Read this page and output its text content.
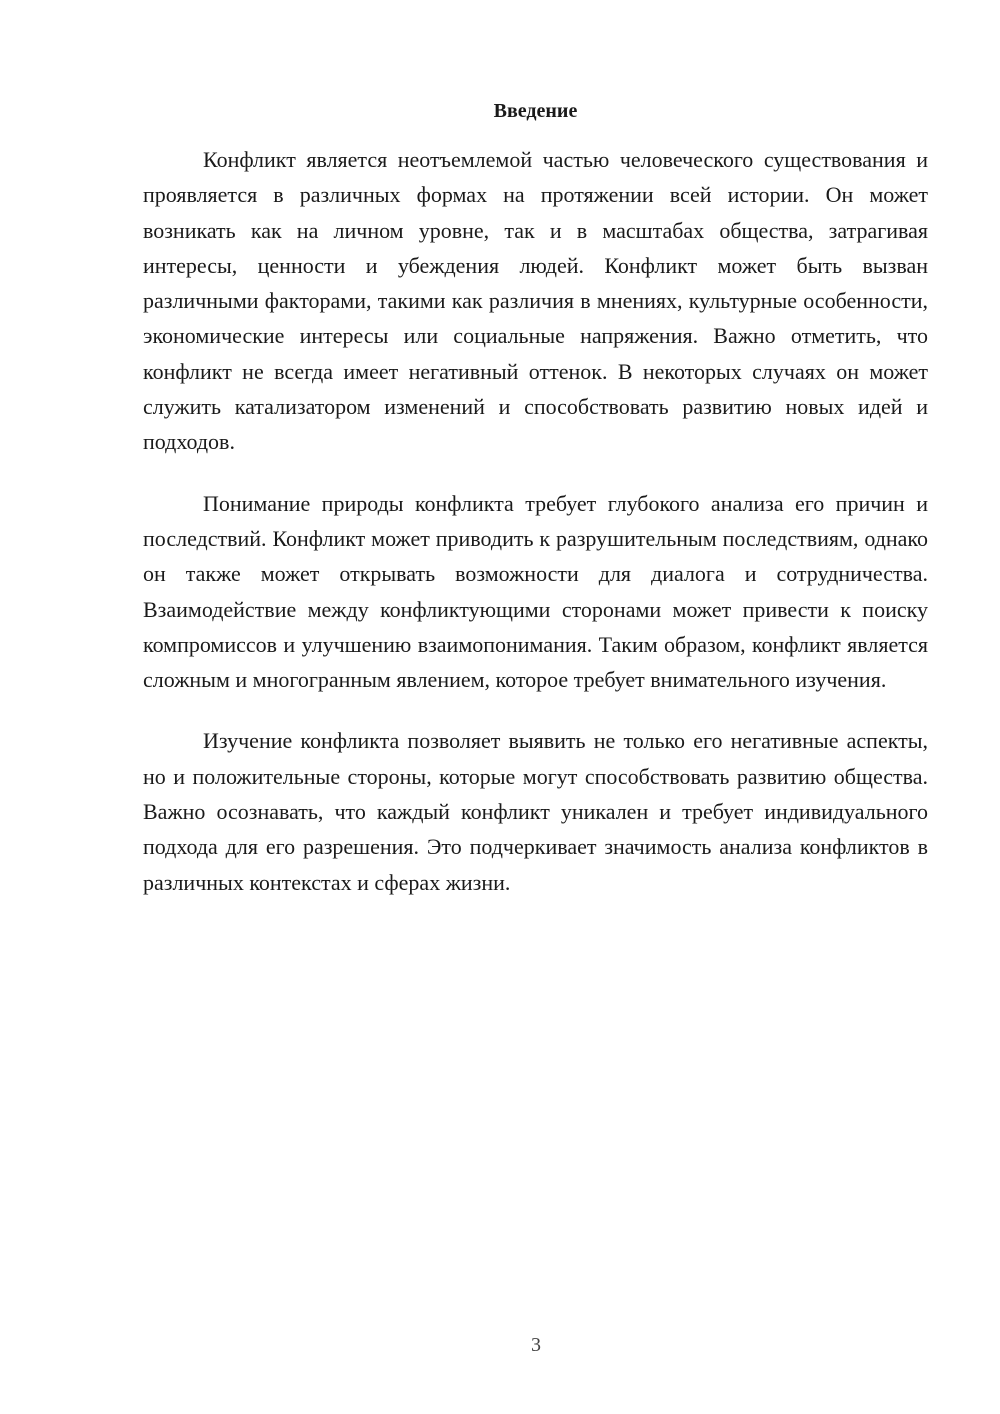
Введение

Конфликт является неотъемлемой частью человеческого существования и проявляется в различных формах на протяжении всей истории. Он может возникать как на личном уровне, так и в масштабах общества, затрагивая интересы, ценности и убеждения людей. Конфликт может быть вызван различными факторами, такими как различия в мнениях, культурные особенности, экономические интересы или социальные напряжения. Важно отметить, что конфликт не всегда имеет негативный оттенок. В некоторых случаях он может служить катализатором изменений и способствовать развитию новых идей и подходов.

Понимание природы конфликта требует глубокого анализа его причин и последствий. Конфликт может приводить к разрушительным последствиям, однако он также может открывать возможности для диалога и сотрудничества. Взаимодействие между конфликтующими сторонами может привести к поиску компромиссов и улучшению взаимопонимания. Таким образом, конфликт является сложным и многогранным явлением, которое требует внимательного изучения.

Изучение конфликта позволяет выявить не только его негативные аспекты, но и положительные стороны, которые могут способствовать развитию общества. Важно осознавать, что каждый конфликт уникален и требует индивидуального подхода для его разрешения. Это подчеркивает значимость анализа конфликтов в различных контекстах и сферах жизни.

3
